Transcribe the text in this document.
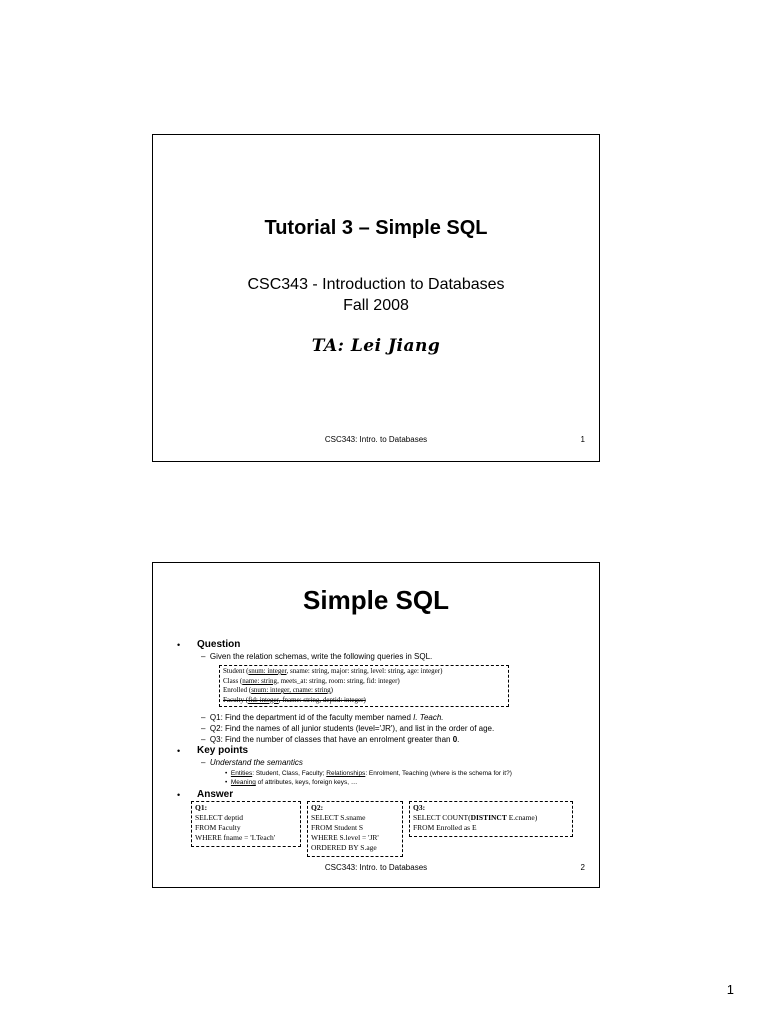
Tutorial 3 – Simple SQL
CSC343 - Introduction to Databases
Fall 2008
TA: Lei Jiang
CSC343: Intro. to Databases	1
Simple SQL
• Question
–  Given the relation schemas, write the following queries in SQL.
Student (snum: integer, sname: string, major: string, level: string, age: integer)
Class (name: string, meets_at: string, room: string, fid: integer)
Enrolled (snum: integer, cname: string)
Faculty (fid: integer, fname: string, deptid: integer)
–  Q1: Find the department id of the faculty member named I. Teach.
–  Q2: Find the names of all junior students (level='JR'), and list in the order of age.
–  Q3: Find the number of classes that have an enrolment greater than 0.
• Key points
–  Understand the semantics
•  Entities: Student, Class, Faculty; Relationships: Enrolment, Teaching (where is the schema for it?)
•  Meaning of attributes, keys, foreign keys, …
• Answer
Q1:
SELECT deptid
FROM Faculty
WHERE fname = 'I.Teach'
Q2:
SELECT S.sname
FROM Student S
WHERE S.level = 'JR'
ORDERED BY S.age
Q3:
SELECT COUNT(DISTINCT E.cname)
FROM Enrolled as E
CSC343: Intro. to Databases	2
1
